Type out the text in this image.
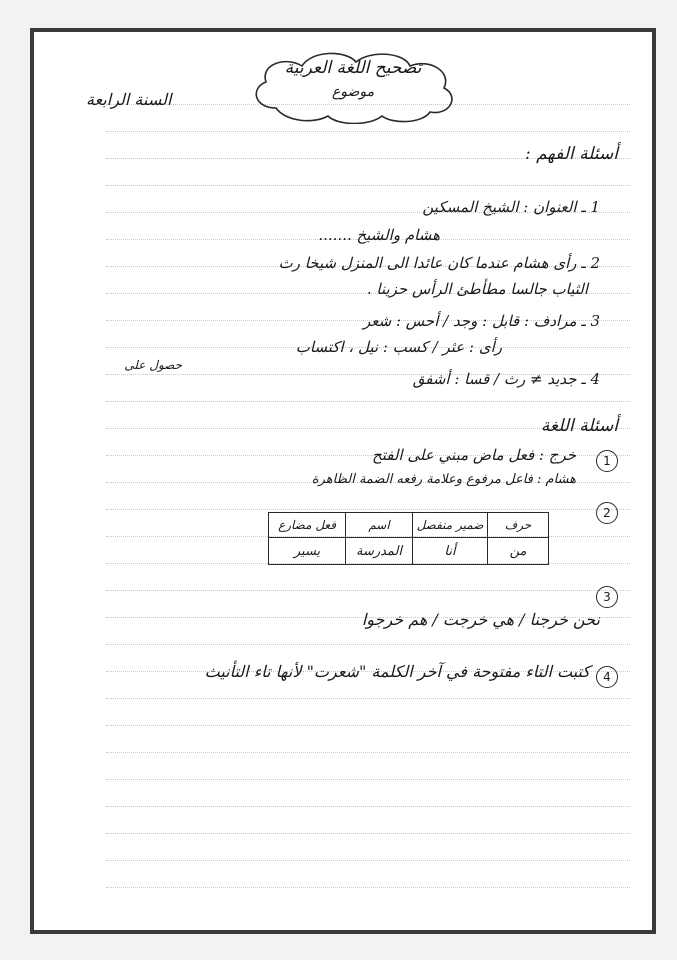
السنة الرابعة
تصحيح اللغة العربية
موضوع
أسئلة الفهم :
1 ـ العنوان : الشيخ المسكين
هشام والشيخ .......
2 ـ رأى هشام عندما كان عائدا الى المنزل شيخا رث
الثياب جالسا مطأطئ الرأس حزينا .
3 ـ مرادف : قابل : وجد / أحس : شعر
رأى : عثر / كسب : نيل ، اكتساب
حصول على
4 ـ جديد ≠ رث / قسا : أشفق
أسئلة اللغة
1
خرج : فعل ماض مبني على الفتح
هشام : فاعل مرفوع وعلامة رفعه الضمة الظاهرة
2
حرف	ضمير منفصل	اسم	فعل مضارع
من	أنا	المدرسة	يسير
3
نحن خرجنا / هي خرجت / هم خرجوا
4
كتبت التاء مفتوحة في آخر الكلمة "شعرت" لأنها تاء التأنيث
